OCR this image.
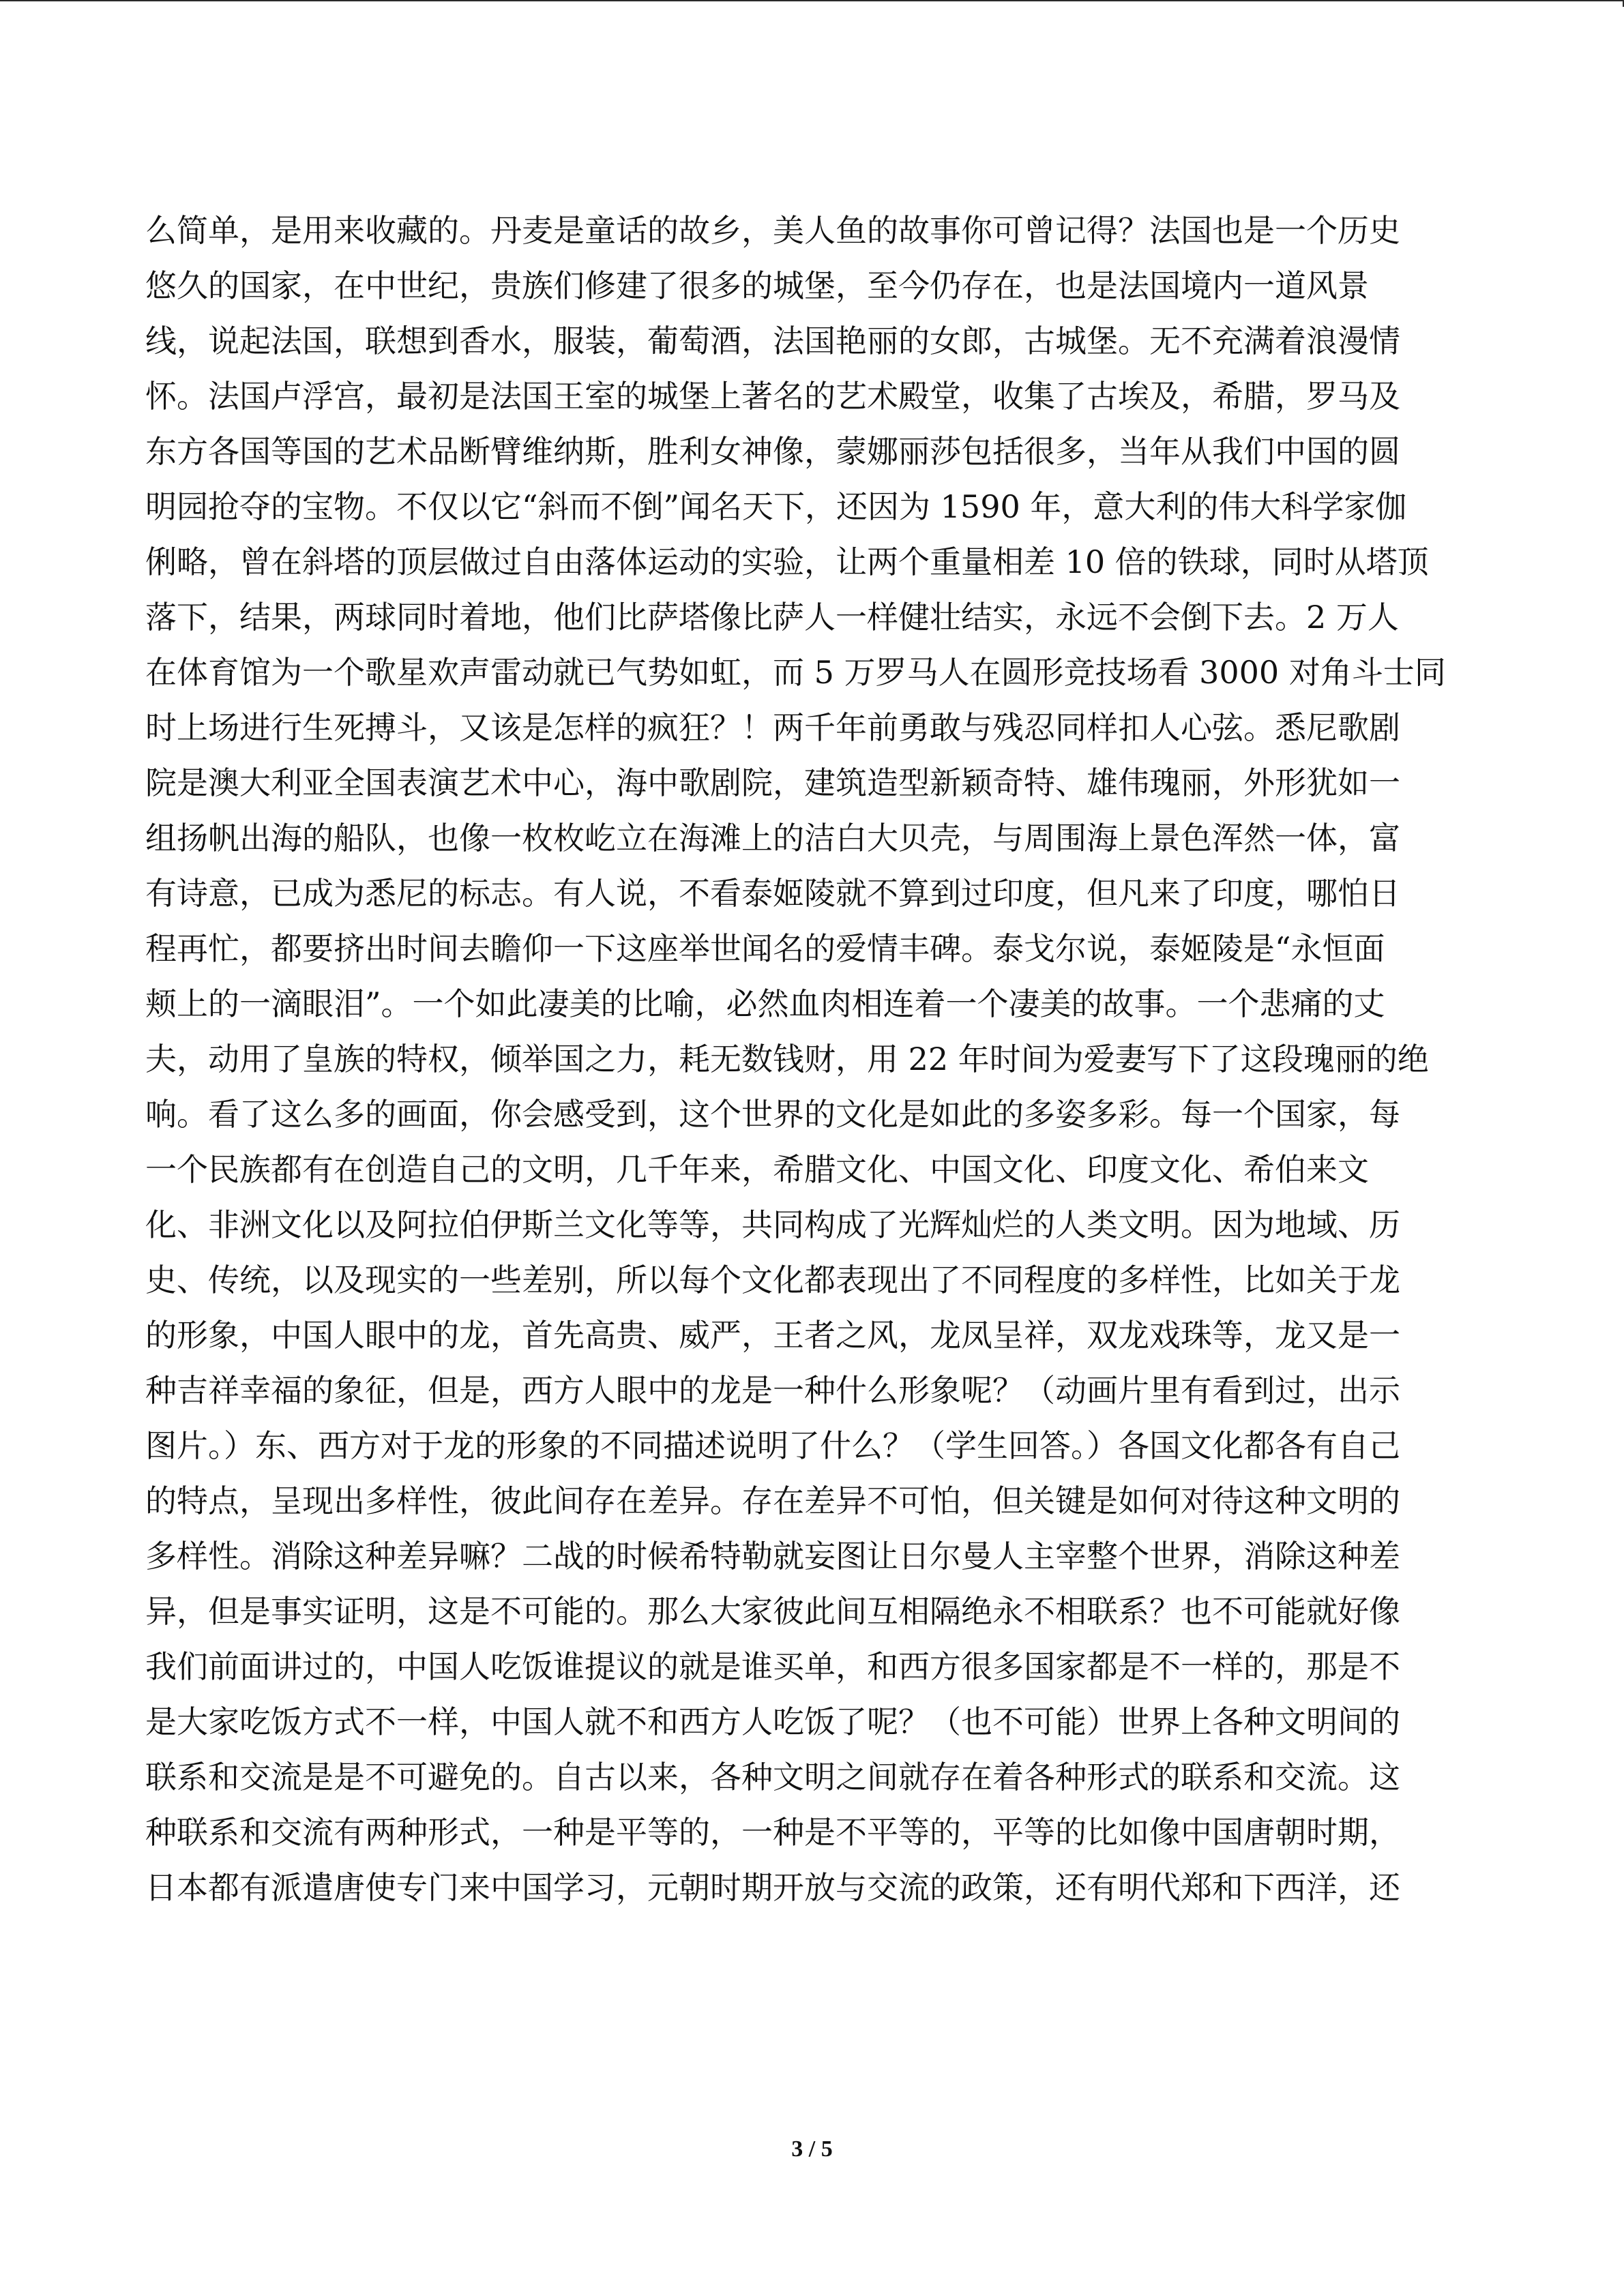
么简单，是用来收藏的。丹麦是童话的故乡，美人鱼的故事你可曾记得？法国也是一个历史
悠久的国家，在中世纪，贵族们修建了很多的城堡，至今仍存在，也是法国境内一道风景
线，说起法国，联想到香水，服装，葡萄酒，法国艳丽的女郎，古城堡。无不充满着浪漫情
怀。法国卢浮宫，最初是法国王室的城堡上著名的艺术殿堂，收集了古埃及，希腊，罗马及
东方各国等国的艺术品断臂维纳斯，胜利女神像，蒙娜丽莎包括很多，当年从我们中国的圆
明园抢夺的宝物。不仅以它“斜而不倒”闻名天下，还因为 1590 年，意大利的伟大科学家伽
俐略，曾在斜塔的顶层做过自由落体运动的实验，让两个重量相差 10 倍的铁球，同时从塔顶
落下，结果，两球同时着地，他们比萨塔像比萨人一样健壮结实，永远不会倒下去。2 万人
在体育馆为一个歌星欢声雷动就已气势如虹，而 5 万罗马人在圆形竞技场看 3000 对角斗士同
时上场进行生死搏斗，又该是怎样的疯狂？！两千年前勇敢与残忍同样扣人心弦。悉尼歌剧
院是澳大利亚全国表演艺术中心，海中歌剧院，建筑造型新颖奇特、雄伟瑰丽，外形犹如一
组扬帆出海的船队，也像一枚枚屹立在海滩上的洁白大贝壳，与周围海上景色浑然一体，富
有诗意，已成为悉尼的标志。有人说，不看泰姬陵就不算到过印度，但凡来了印度，哪怕日
程再忙，都要挤出时间去瞻仰一下这座举世闻名的爱情丰碑。泰戈尔说，泰姬陵是“永恒面
颊上的一滴眼泪”。一个如此凄美的比喻，必然血肉相连着一个凄美的故事。一个悲痛的丈
夫，动用了皇族的特权，倾举国之力，耗无数钱财，用 22 年时间为爱妻写下了这段瑰丽的绝
响。看了这么多的画面，你会感受到，这个世界的文化是如此的多姿多彩。每一个国家，每
一个民族都有在创造自己的文明，几千年来，希腊文化、中国文化、印度文化、希伯来文
化、非洲文化以及阿拉伯伊斯兰文化等等，共同构成了光辉灿烂的人类文明。因为地域、历
史、传统，以及现实的一些差别，所以每个文化都表现出了不同程度的多样性，比如关于龙
的形象，中国人眼中的龙，首先高贵、威严，王者之风，龙凤呈祥，双龙戏珠等，龙又是一
种吉祥幸福的象征，但是，西方人眼中的龙是一种什么形象呢？（动画片里有看到过，出示
图片。）东、西方对于龙的形象的不同描述说明了什么？（学生回答。）各国文化都各有自己
的特点，呈现出多样性，彼此间存在差异。存在差异不可怕，但关键是如何对待这种文明的
多样性。消除这种差异嘛？二战的时候希特勒就妄图让日尔曼人主宰整个世界，消除这种差
异，但是事实证明，这是不可能的。那么大家彼此间互相隔绝永不相联系？也不可能就好像
我们前面讲过的，中国人吃饭谁提议的就是谁买单，和西方很多国家都是不一样的，那是不
是大家吃饭方式不一样，中国人就不和西方人吃饭了呢？（也不可能）世界上各种文明间的
联系和交流是是不可避免的。自古以来，各种文明之间就存在着各种形式的联系和交流。这
种联系和交流有两种形式，一种是平等的，一种是不平等的，平等的比如像中国唐朝时期，
日本都有派遣唐使专门来中国学习，元朝时期开放与交流的政策，还有明代郑和下西洋，还
3 / 5
